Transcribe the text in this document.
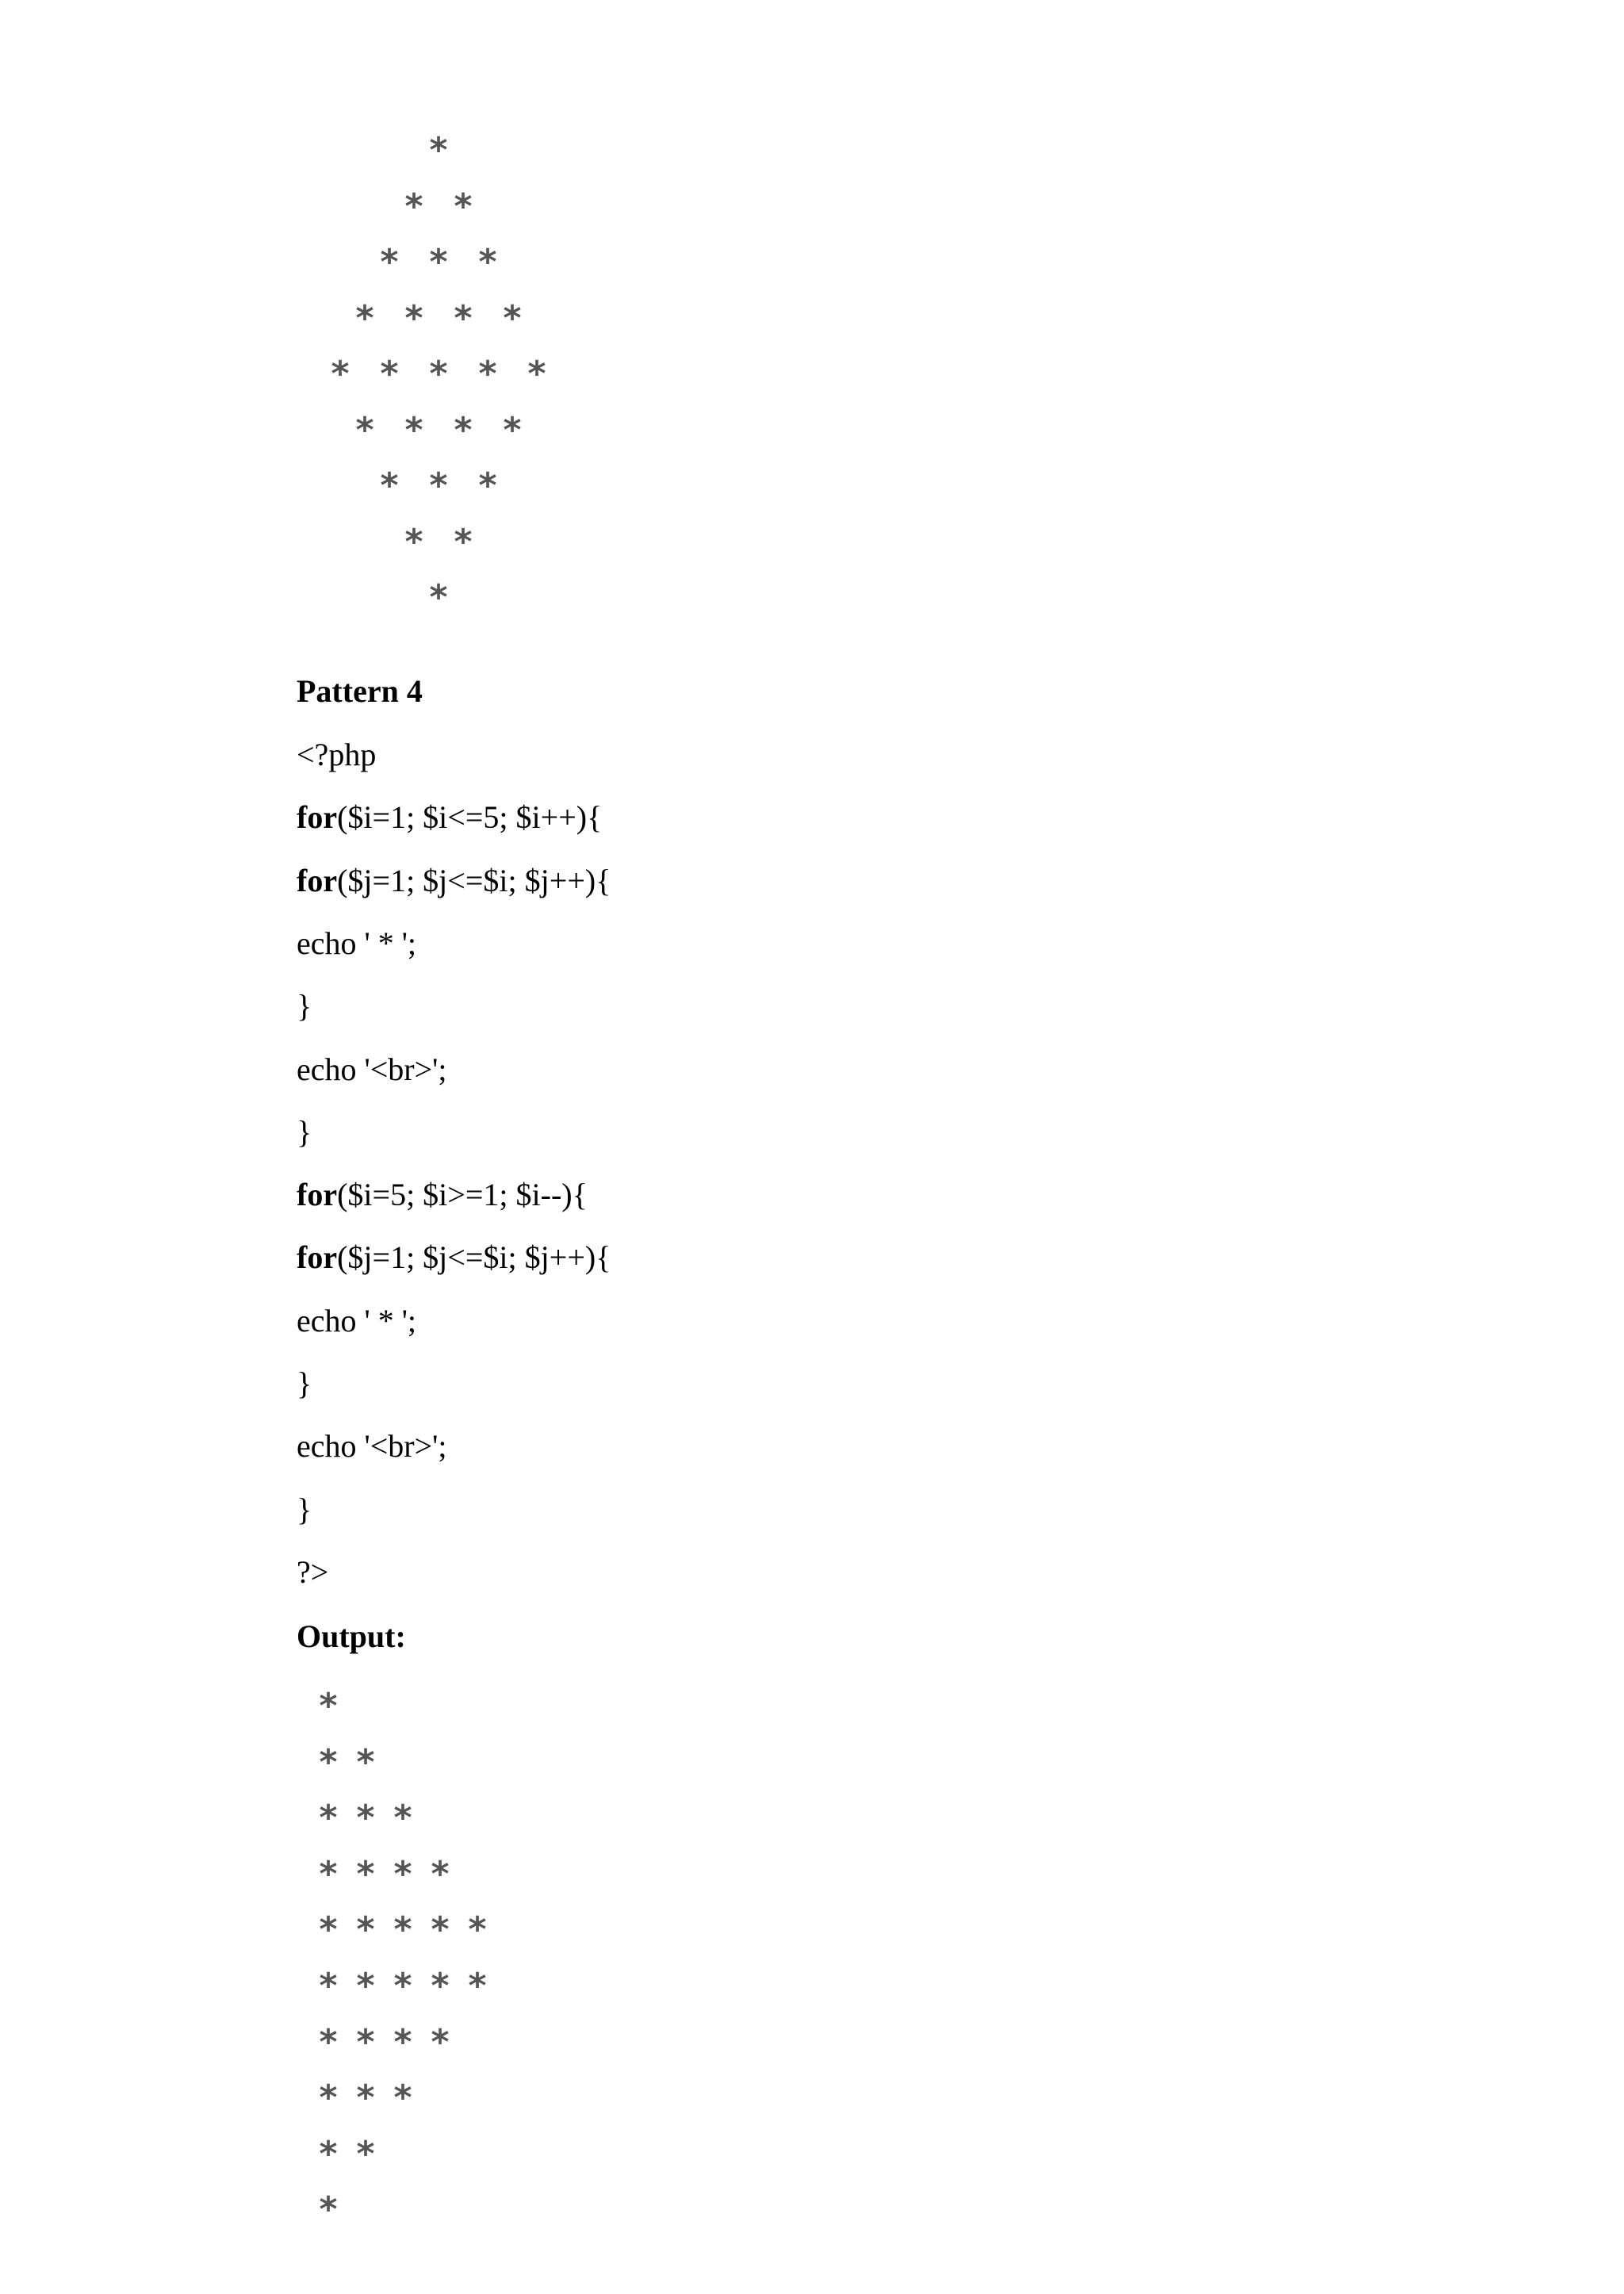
*
* *
* * *
* * * *
* * * * *
* * * *
* * *
* *
*
Pattern 4
<?php
for($i=1; $i<=5; $i++){
for($j=1; $j<=$i; $j++){
echo ' * ';
}
echo '<br>';
}
for($i=5; $i>=1; $i--){
for($j=1; $j<=$i; $j++){
echo ' * ';
}
echo '<br>';
}
?>
Output:
*
* *
* * *
* * * *
* * * * *
* * * * *
* * * *
* * *
* *
*
